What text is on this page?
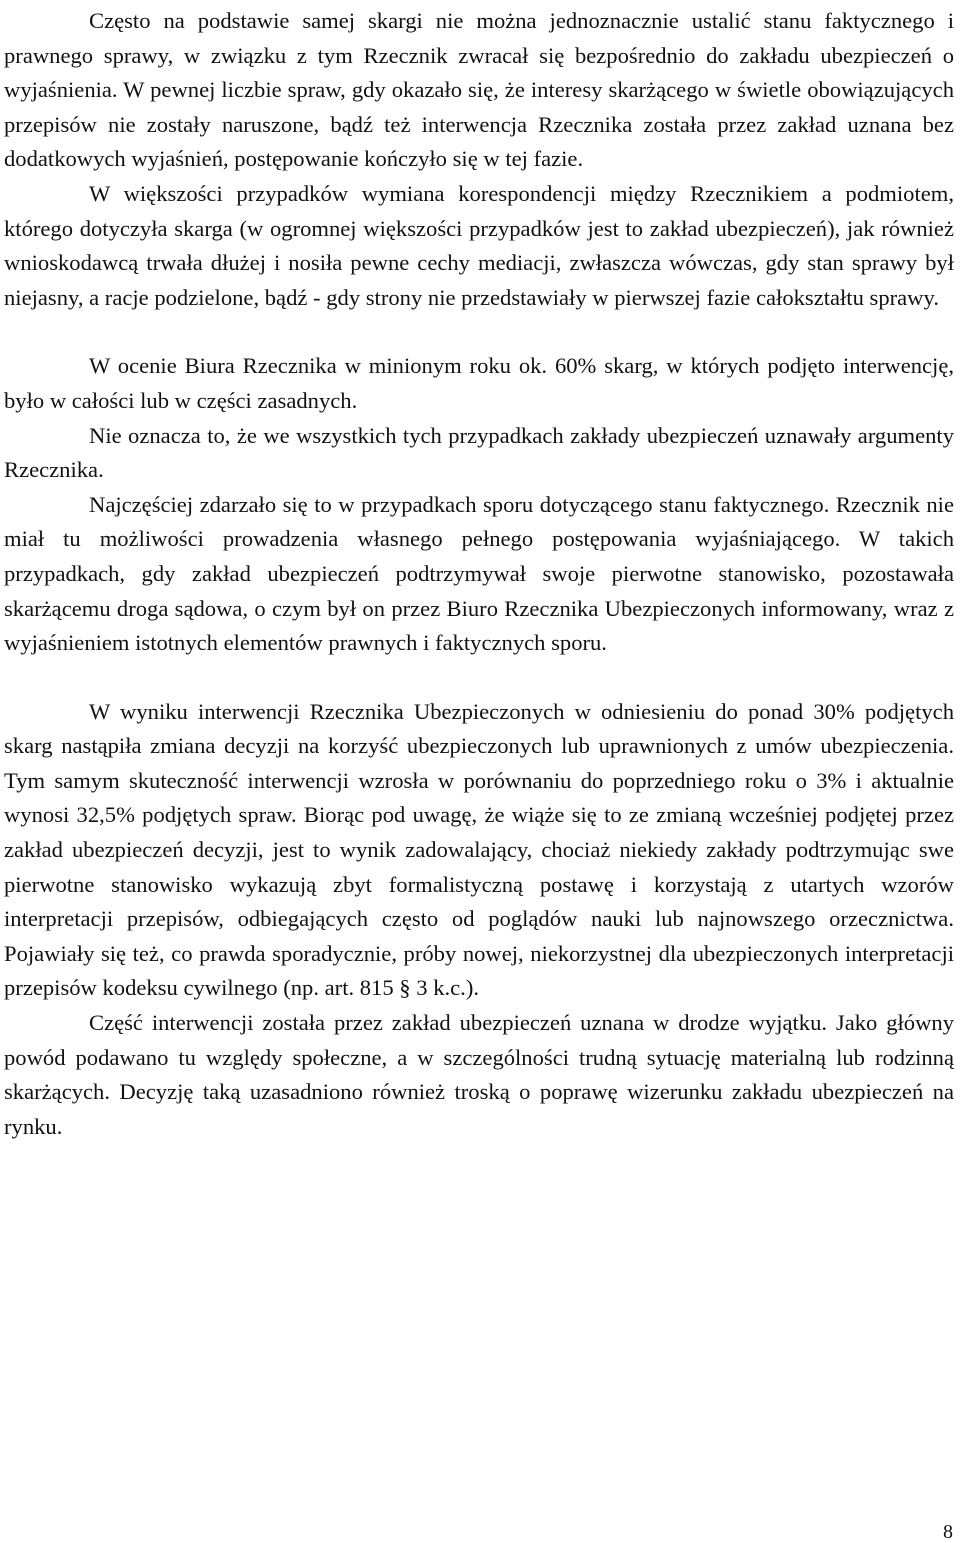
Często na podstawie samej skargi nie można jednoznacznie ustalić stanu faktycznego i prawnego sprawy, w związku z tym Rzecznik zwracał się bezpośrednio do zakładu ubezpieczeń o wyjaśnienia. W pewnej liczbie spraw, gdy okazało się, że interesy skarżącego w świetle obowiązujących przepisów nie zostały naruszone, bądź też interwencja Rzecznika została przez zakład uznana bez dodatkowych wyjaśnień, postępowanie kończyło się w tej fazie.

W większości przypadków wymiana korespondencji między Rzecznikiem a podmiotem, którego dotyczyła skarga (w ogromnej większości przypadków jest to zakład ubezpieczeń), jak również wnioskodawcą trwała dłużej i nosiła pewne cechy mediacji, zwłaszcza wówczas, gdy stan sprawy był niejasny, a racje podzielone, bądź - gdy strony nie przedstawiały w pierwszej fazie całokształtu sprawy.

W ocenie Biura Rzecznika w minionym roku ok. 60% skarg, w których podjęto interwencję, było w całości lub w części zasadnych.

Nie oznacza to, że we wszystkich tych przypadkach zakłady ubezpieczeń uznawały argumenty Rzecznika.

Najczęściej zdarzało się to w przypadkach sporu dotyczącego stanu faktycznego. Rzecznik nie miał tu możliwości prowadzenia własnego pełnego postępowania wyjaśniającego. W takich przypadkach, gdy zakład ubezpieczeń podtrzymywał swoje pierwotne stanowisko, pozostawała skarżącemu droga sądowa, o czym był on przez Biuro Rzecznika Ubezpieczonych informowany, wraz z wyjaśnieniem istotnych elementów prawnych i faktycznych sporu.

W wyniku interwencji Rzecznika Ubezpieczonych w odniesieniu do ponad 30% podjętych skarg nastąpiła zmiana decyzji na korzyść ubezpieczonych lub uprawnionych z umów ubezpieczenia. Tym samym skuteczność interwencji wzrosła w porównaniu do poprzedniego roku o 3% i aktualnie wynosi 32,5% podjętych spraw. Biorąc pod uwagę, że wiąże się to ze zmianą wcześniej podjętej przez zakład ubezpieczeń decyzji, jest to wynik zadowalający, chociaż niekiedy zakłady podtrzymując swe pierwotne stanowisko wykazują zbyt formalistyczną postawę i korzystają z utartych wzorów interpretacji przepisów, odbiegających często od poglądów nauki lub najnowszego orzecznictwa. Pojawiały się też, co prawda sporadycznie, próby nowej, niekorzystnej dla ubezpieczonych interpretacji przepisów kodeksu cywilnego (np. art. 815 § 3 k.c.).

Część interwencji została przez zakład ubezpieczeń uznana w drodze wyjątku. Jako główny powód podawano tu względy społeczne, a w szczególności trudną sytuację materialną lub rodzinną skarżących. Decyzję taką uzasadniono również troską o poprawę wizerunku zakładu ubezpieczeń na rynku.

8
